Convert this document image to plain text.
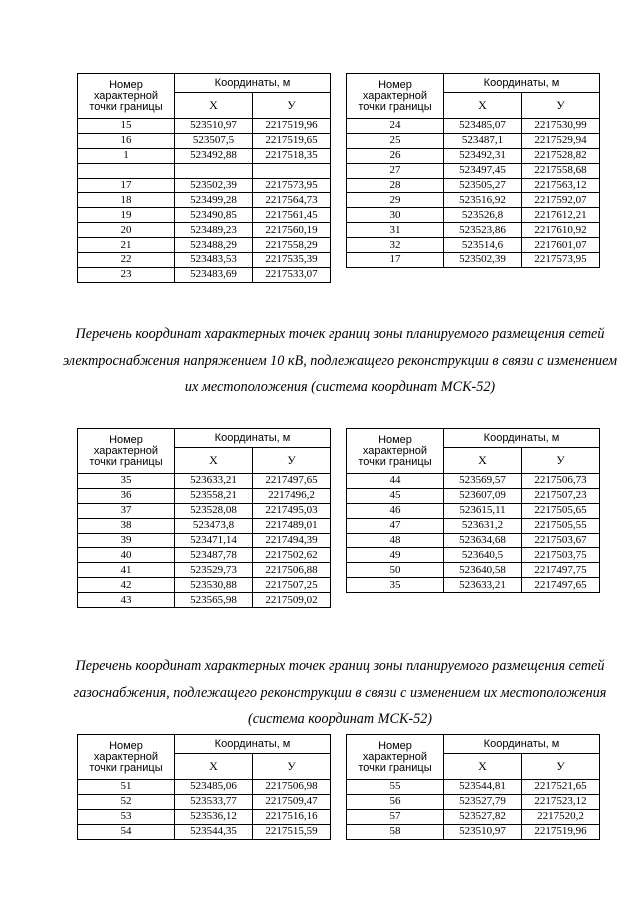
Номер характерной точки границы	Координаты, м	
	X	У
15	523510,97	2217519,96
16	523507,5	2217519,65
1	523492,88	2217518,35

17	523502,39	2217573,95
18	523499,28	2217564,73
19	523490,85	2217561,45
20	523489,23	2217560,19
21	523488,29	2217558,29
22	523483,53	2217535,39
23	523483,69	2217533,07
Номер характерной точки границы	Координаты, м	
	X	У
24	523485,07	2217530,99
25	523487,1	2217529,94
26	523492,31	2217528,82
27	523497,45	2217558,68
28	523505,27	2217563,12
29	523516,92	2217592,07
30	523526,8	2217612,21
31	523523,86	2217610,92
32	523514,6	2217601,07
17	523502,39	2217573,95
Перечень координат характерных точек границ зоны планируемого размещения сетей электроснабжения напряжением 10 кВ, подлежащего реконструкции в связи с изменением их местоположения (система координат МСК-52)
Номер характерной точки границы	Координаты, м	
	X	У
35	523633,21	2217497,65
36	523558,21	2217496,2
37	523528,08	2217495,03
38	523473,8	2217489,01
39	523471,14	2217494,39
40	523487,78	2217502,62
41	523529,73	2217506,88
42	523530,88	2217507,25
43	523565,98	2217509,02
Номер характерной точки границы	Координаты, м	
	X	У
44	523569,57	2217506,73
45	523607,09	2217507,23
46	523615,11	2217505,65
47	523631,2	2217505,55
48	523634,68	2217503,67
49	523640,5	2217503,75
50	523640,58	2217497,75
35	523633,21	2217497,65
Перечень координат характерных точек границ зоны планируемого размещения сетей газоснабжения, подлежащего реконструкции в связи с изменением их местоположения (система координат МСК-52)
Номер характерной точки границы	Координаты, м	
	X	У
51	523485,06	2217506,98
52	523533,77	2217509,47
53	523536,12	2217516,16
54	523544,35	2217515,59
Номер характерной точки границы	Координаты, м	
	X	У
55	523544,81	2217521,65
56	523527,79	2217523,12
57	523527,82	2217520,2
58	523510,97	2217519,96
